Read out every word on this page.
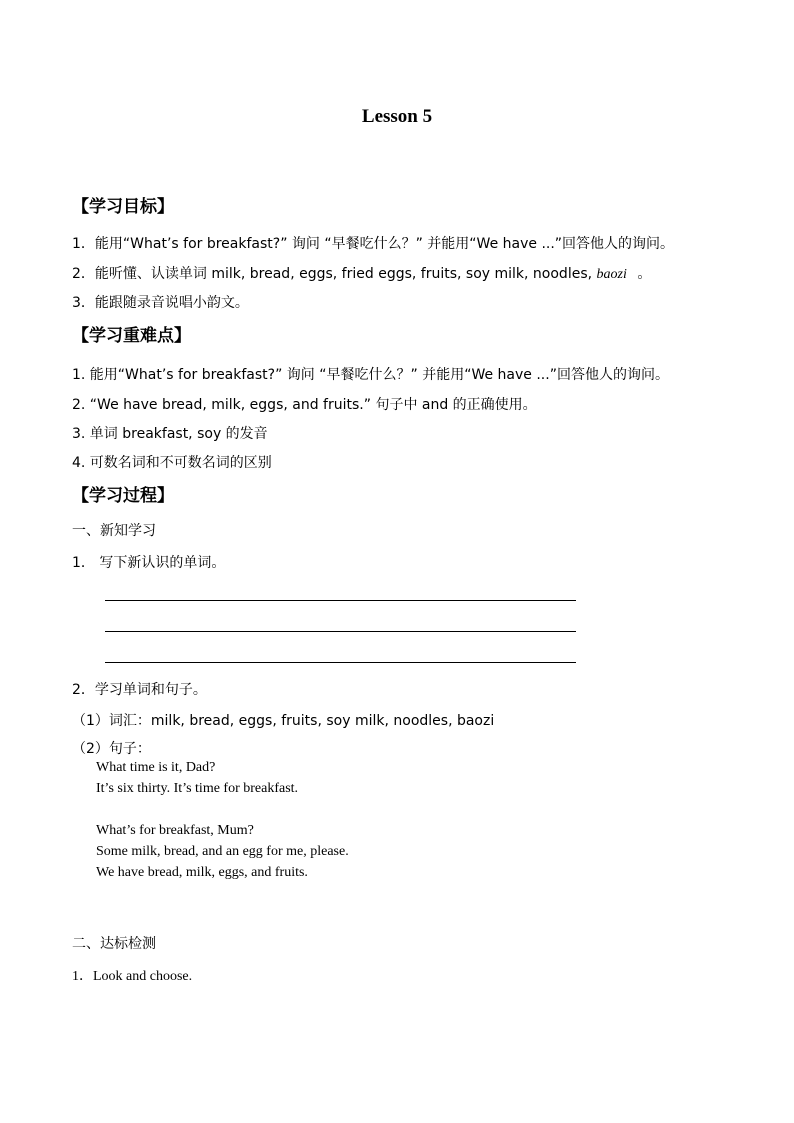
Lesson 5
【学习目标】
1．能用“What’s for breakfast?” 询问 “早餐吃什么？” 并能用“We have ...”回答他人的询问。
2．能听懂、认读单词 milk, bread, eggs, fried eggs, fruits, soy milk, noodles, baozi 。
3．能跟随录音说唱小韵文。
【学习重难点】
1. 能用“What’s for breakfast?” 询问 “早餐吃什么？” 并能用“We have ...”回答他人的询问。
2. “We have bread, milk, eggs, and fruits.” 句子中 and 的正确使用。
3. 单词 breakfast, soy 的发音
4. 可数名词和不可数名词的区别
【学习过程】
一、新知学习
1． 写下新认识的单词。
2．学习单词和句子。
（1）词汇：milk, bread, eggs, fruits, soy milk, noodles, baozi
（2）句子：
What time is it, Dad?
It’s six thirty. It’s time for breakfast.
What’s for breakfast, Mum?
Some milk, bread, and an egg for me, please.
We have bread, milk, eggs, and fruits.
二、达标检测
1．Look and choose.
